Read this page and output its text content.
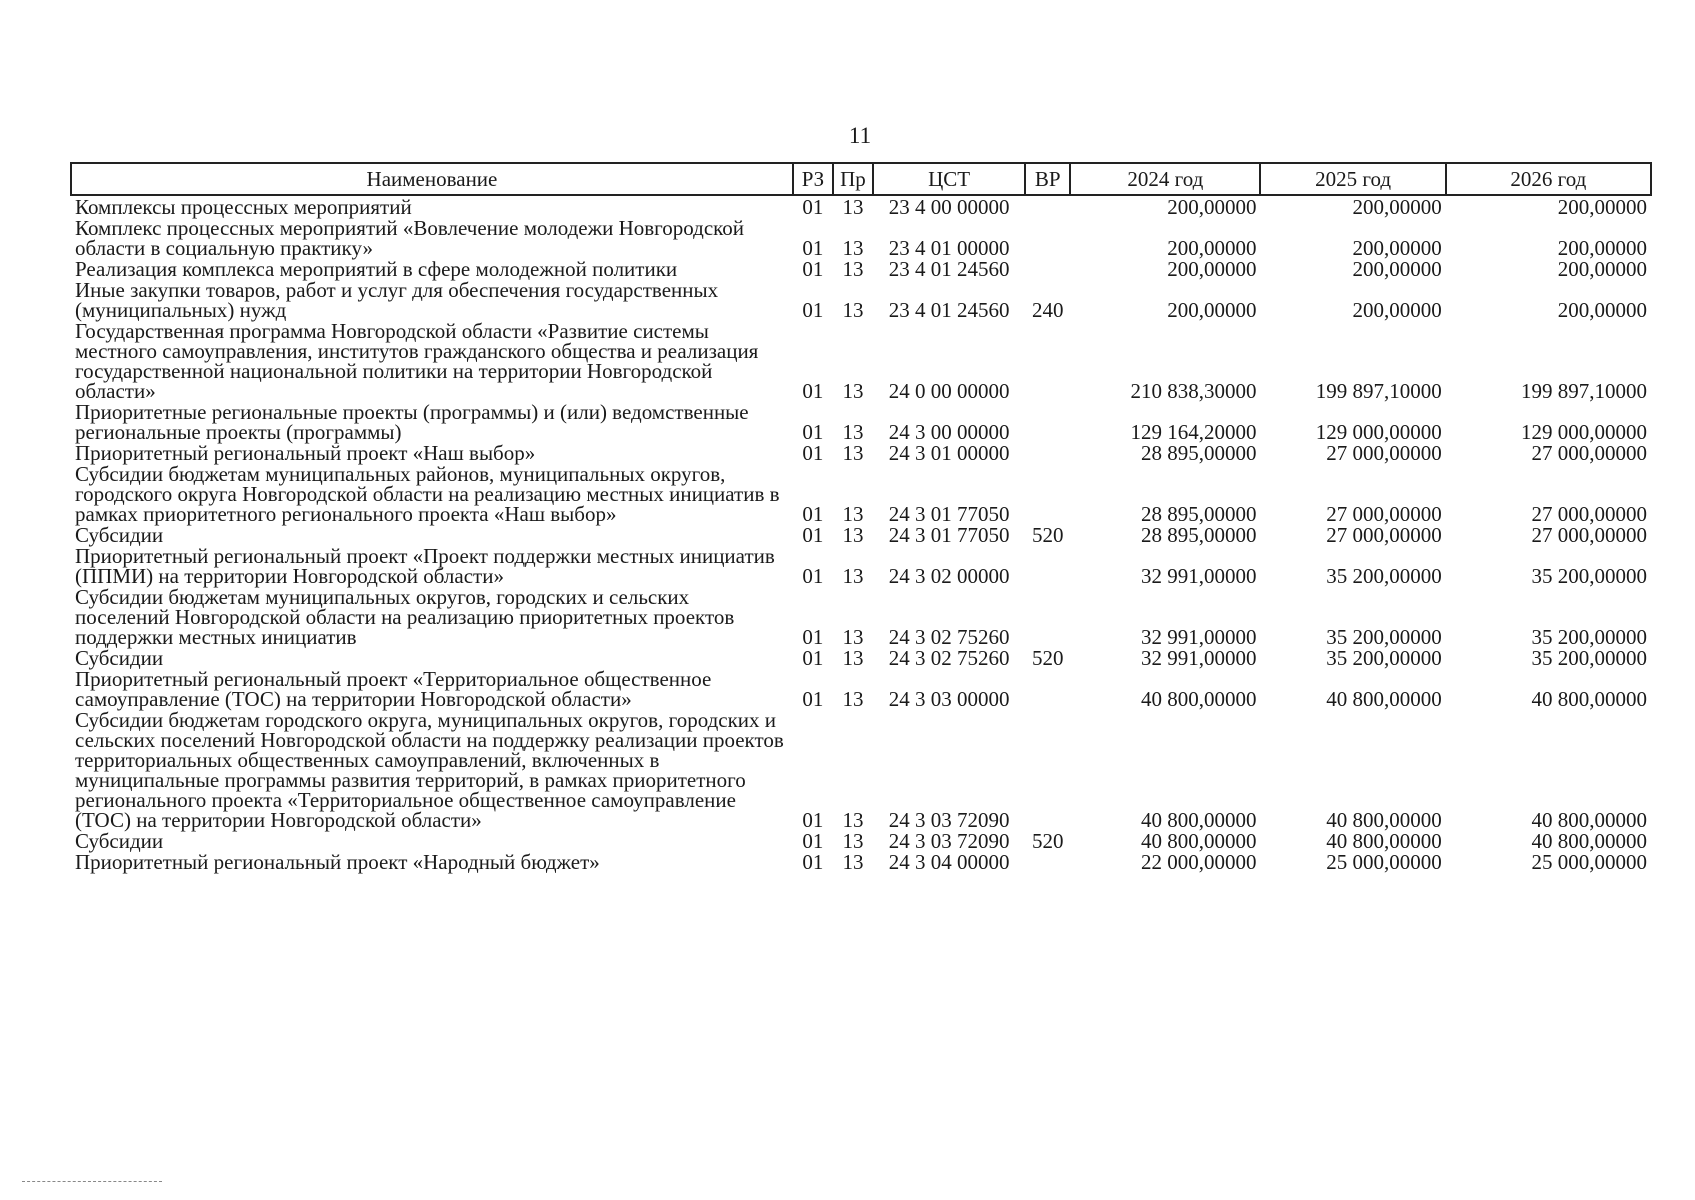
11
Наименование	РЗ	Пр	ЦСТ	ВР	2024 год	2025 год	2026 год
Комплексы процессных мероприятий	01	13	23 4 00 00000		200,00000	200,00000	200,00000
Комплекс процессных мероприятий «Вовлечение молодежи Новгородской области в социальную практику»	01	13	23 4 01 00000		200,00000	200,00000	200,00000
Реализация комплекса мероприятий в сфере молодежной политики	01	13	23 4 01 24560		200,00000	200,00000	200,00000
Иные закупки товаров, работ и услуг для обеспечения государственных (муниципальных) нужд	01	13	23 4 01 24560	240	200,00000	200,00000	200,00000
Государственная программа Новгородской области «Развитие системы местного самоуправления, институтов гражданского общества и реализация государственной национальной политики на территории Новгородской области»	01	13	24 0 00 00000		210 838,30000	199 897,10000	199 897,10000
Приоритетные региональные проекты (программы) и (или) ведомственные региональные проекты (программы)	01	13	24 3 00 00000		129 164,20000	129 000,00000	129 000,00000
Приоритетный региональный проект «Наш выбор»	01	13	24 3 01 00000		28 895,00000	27 000,00000	27 000,00000
Субсидии бюджетам муниципальных районов, муниципальных округов, городского округа Новгородской области на реализацию местных инициатив в рамках приоритетного регионального проекта «Наш выбор»	01	13	24 3 01 77050		28 895,00000	27 000,00000	27 000,00000
Субсидии	01	13	24 3 01 77050	520	28 895,00000	27 000,00000	27 000,00000
Приоритетный региональный проект «Проект поддержки местных инициатив (ППМИ) на территории Новгородской области»	01	13	24 3 02 00000		32 991,00000	35 200,00000	35 200,00000
Субсидии бюджетам муниципальных округов, городских и сельских поселений Новгородской области на реализацию приоритетных проектов поддержки местных инициатив	01	13	24 3 02 75260		32 991,00000	35 200,00000	35 200,00000
Субсидии	01	13	24 3 02 75260	520	32 991,00000	35 200,00000	35 200,00000
Приоритетный региональный проект «Территориальное общественное самоуправление (ТОС) на территории Новгородской области»	01	13	24 3 03 00000		40 800,00000	40 800,00000	40 800,00000
Субсидии бюджетам городского округа, муниципальных округов, городских и сельских поселений Новгородской области на поддержку реализации проектов территориальных общественных самоуправлений, включенных в муниципальные программы развития территорий, в рамках приоритетного регионального проекта «Территориальное общественное самоуправление (ТОС) на территории Новгородской области»	01	13	24 3 03 72090		40 800,00000	40 800,00000	40 800,00000
Субсидии	01	13	24 3 03 72090	520	40 800,00000	40 800,00000	40 800,00000
Приоритетный региональный проект «Народный бюджет»	01	13	24 3 04 00000		22 000,00000	25 000,00000	25 000,00000
